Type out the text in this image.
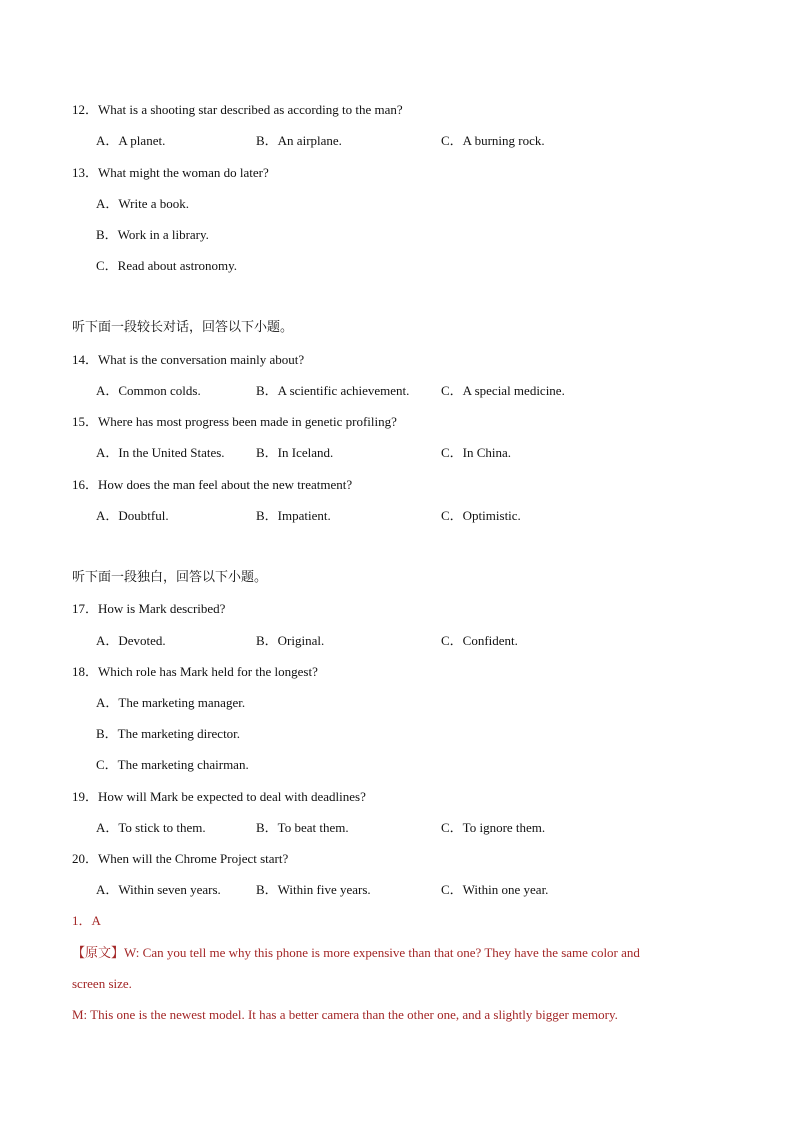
12．What is a shooting star described as according to the man?
A．A planet.	B．An airplane.	C．A burning rock.
13．What might the woman do later?
A．Write a book.
B．Work in a library.
C．Read about astronomy.
听下面一段较长对话，回答以下小题。
14．What is the conversation mainly about?
A．Common colds.	B．A scientific achievement. C．A special medicine.
15．Where has most progress been made in genetic profiling?
A．In the United States. B．In Iceland.	C．In China.
16．How does the man feel about the new treatment?
A．Doubtful.	B．Impatient.	C．Optimistic.
听下面一段独白，回答以下小题。
17．How is Mark described?
A．Devoted.	B．Original.	C．Confident.
18．Which role has Mark held for the longest?
A．The marketing manager.
B．The marketing director.
C．The marketing chairman.
19．How will Mark be expected to deal with deadlines?
A．To stick to them.	B．To beat them.	C．To ignore them.
20．When will the Chrome Project start?
A．Within seven years.	B．Within five years.	C．Within one year.
1．A
【原文】W: Can you tell me why this phone is more expensive than that one? They have the same color and
screen size.
M: This one is the newest model. It has a better camera than the other one, and a slightly bigger memory.
